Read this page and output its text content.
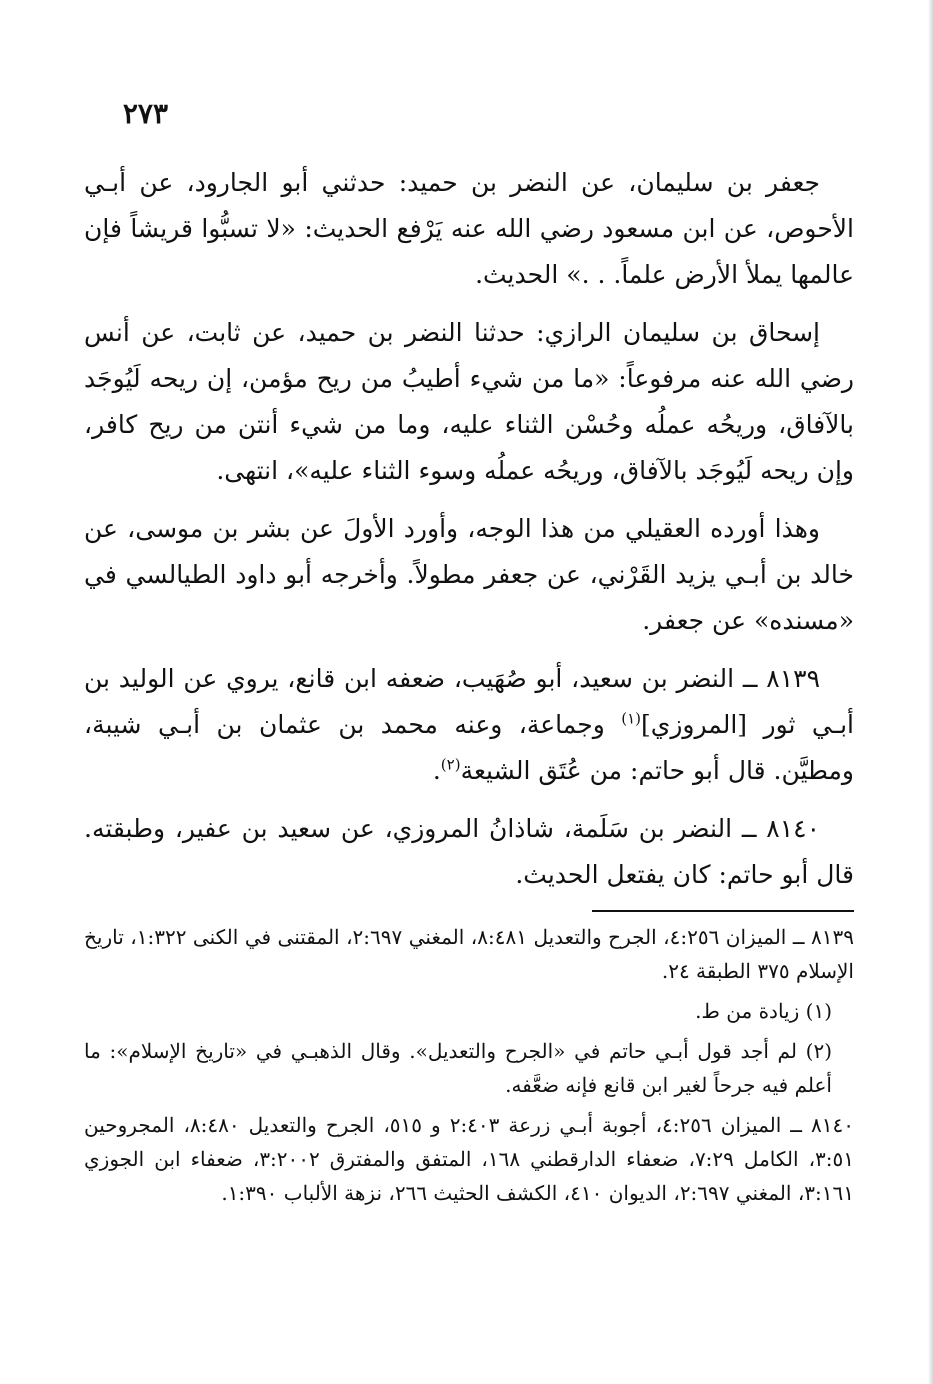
٢٧٣

جعفر بن سليمان، عن النضر بن حميد: حدثني أبو الجارود، عن أبـي الأحوص، عن ابن مسعود رضي الله عنه يَرْفع الحديث: «لا تسبُّوا قريشاً فإن عالمها يملأ الأرض علماً. . .» الحديث.

إسحاق بن سليمان الرازي: حدثنا النضر بن حميد، عن ثابت، عن أنس رضي الله عنه مرفوعاً: «ما من شيء أطيبُ من ريح مؤمن، إن ريحه لَيُوجَد بالآفاق، وريحُه عملُه وحُسْن الثناء عليه، وما من شيء أنتن من ريح كافر، وإن ريحه لَيُوجَد بالآفاق، وريحُه عملُه وسوء الثناء عليه»، انتهى.

وهذا أورده العقيلي من هذا الوجه، وأورد الأولَ عن بشر بن موسى، عن خالد بن أبـي يزيد القَرْني، عن جعفر مطولاً. وأخرجه أبو داود الطيالسي في «مسنده» عن جعفر.

٨١٣٩ ــ النضر بن سعيد، أبو صُهَيب، ضعفه ابن قانع، يروي عن الوليد بن أبـي ثور [المروزي]$^{(١)}$ وجماعة، وعنه محمد بن عثمان بن أبـي شيبة، ومطيَّن. قال أبو حاتم: من عُتَق الشيعة$^{(٢)}$.

٨١٤٠ ــ النضر بن سَلَمة، شاذانُ المروزي، عن سعيد بن عفير، وطبقته. قال أبو حاتم: كان يفتعل الحديث.

٨١٣٩ ــ الميزان ٤:٢٥٦، الجرح والتعديل ٨:٤٨١، المغني ٢:٦٩٧، المقتنى في الكنى ١:٣٢٢، تاريخ الإسلام ٣٧٥ الطبقة ٢٤.

(١) زيادة من ط.

(٢) لم أجد قول أبـي حاتم في «الجرح والتعديل». وقال الذهبـي في «تاريخ الإسلام»: ما أعلم فيه جرحاً لغير ابن قانع فإنه ضعَّفه.

٨١٤٠ ــ الميزان ٤:٢٥٦، أجوبة أبـي زرعة ٢:٤٠٣ و ٥١٥، الجرح والتعديل ٨:٤٨٠، المجروحين ٣:٥١، الكامل ٧:٢٩، ضعفاء الدارقطني ١٦٨، المتفق والمفترق ٣:٢٠٠٢، ضعفاء ابن الجوزي ٣:١٦١، المغني ٢:٦٩٧، الديوان ٤١٠، الكشف الحثيث ٢٦٦، نزهة الألباب ١:٣٩٠.
